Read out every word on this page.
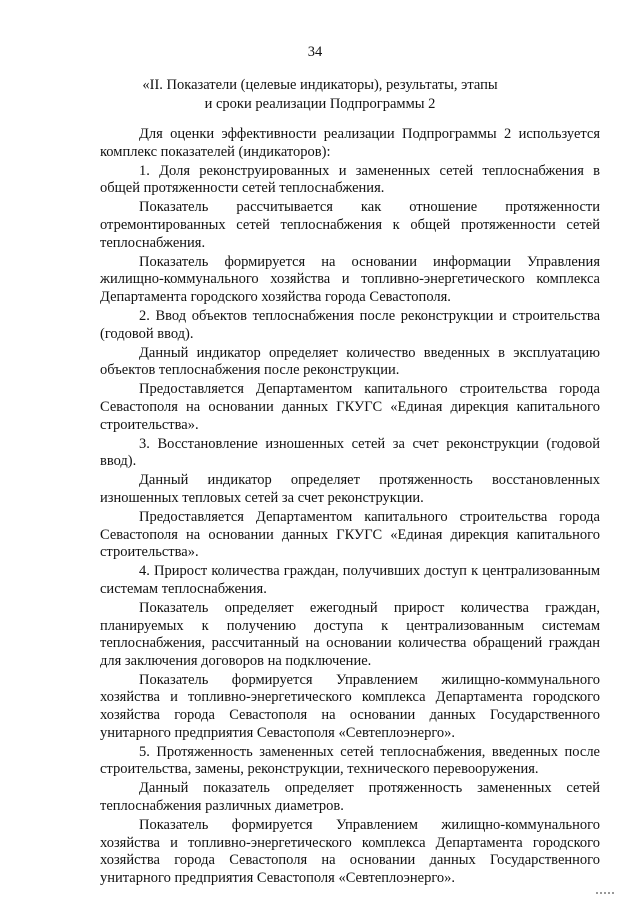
34
«II. Показатели (целевые индикаторы), результаты, этапы
и сроки реализации Подпрограммы 2

Для оценки эффективности реализации Подпрограммы 2 используется комплекс показателей (индикаторов):

1. Доля реконструированных и замененных сетей теплоснабжения в общей протяженности сетей теплоснабжения.

Показатель рассчитывается как отношение протяженности отремонтированных сетей теплоснабжения к общей протяженности сетей теплоснабжения.

Показатель формируется на основании информации Управления жилищно-коммунального хозяйства и топливно-энергетического комплекса Департамента городского хозяйства города Севастополя.

2. Ввод объектов теплоснабжения после реконструкции и строительства (годовой ввод).

Данный индикатор определяет количество введенных в эксплуатацию объектов теплоснабжения после реконструкции.

Предоставляется Департаментом капитального строительства города Севастополя на основании данных ГКУГС «Единая дирекция капитального строительства».

3. Восстановление изношенных сетей за счет реконструкции (годовой ввод).

Данный индикатор определяет протяженность восстановленных изношенных тепловых сетей за счет реконструкции.

Предоставляется Департаментом капитального строительства города Севастополя на основании данных ГКУГС «Единая дирекция капитального строительства».

4. Прирост количества граждан, получивших доступ к централизованным системам теплоснабжения.

Показатель определяет ежегодный прирост количества граждан, планируемых к получению доступа к централизованным системам теплоснабжения, рассчитанный на основании количества обращений граждан для заключения договоров на подключение.

Показатель формируется Управлением жилищно-коммунального хозяйства и топливно-энергетического комплекса Департамента городского хозяйства города Севастополя на основании данных Государственного унитарного предприятия Севастополя «Севтеплоэнерго».

5. Протяженность замененных сетей теплоснабжения, введенных после строительства, замены, реконструкции, технического перевооружения.

Данный показатель определяет протяженность замененных сетей теплоснабжения различных диаметров.

Показатель формируется Управлением жилищно-коммунального хозяйства и топливно-энергетического комплекса Департамента городского хозяйства города Севастополя на основании данных Государственного унитарного предприятия Севастополя «Севтеплоэнерго».
